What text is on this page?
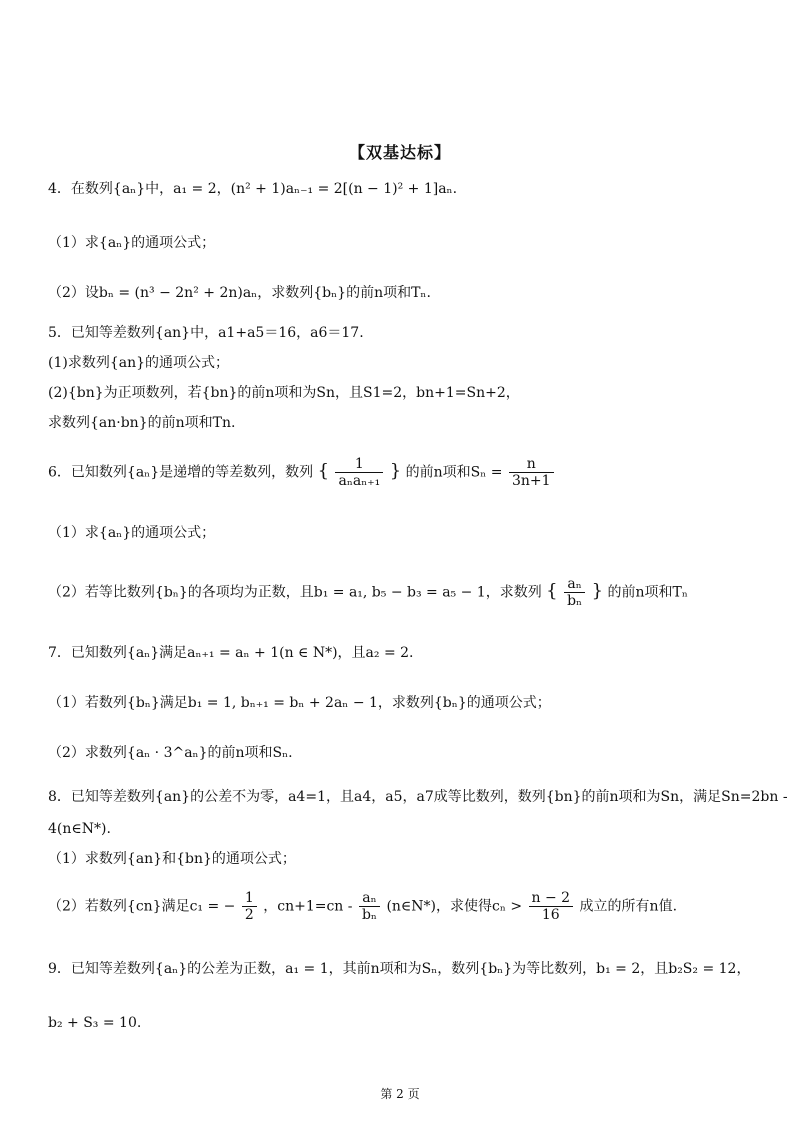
【双基达标】
4．在数列{aₙ}中，a₁ = 2，(n² + 1)aₙ₋₁ = 2[(n − 1)² + 1]aₙ.
（1）求{aₙ}的通项公式；
（2）设bₙ = (n³ − 2n² + 2n)aₙ，求数列{bₙ}的前n项和Tₙ.
5．已知等差数列{an}中，a1+a5＝16，a6＝17.
(1)求数列{an}的通项公式；
(2){bn}为正项数列，若{bn}的前n项和为Sn，且S1=2，bn+1=Sn+2，
求数列{an·bn}的前n项和Tn.
6．已知数列{aₙ}是递增的等差数列，数列 { $\frac{1}{\text{aₙaₙ₊₁}}$ } 的前n项和$S_n = \frac{n}{3n+1}$
（1）求{aₙ}的通项公式；
（2）若等比数列{bₙ}的各项均为正数，且b₁ = a₁, b₅ − b₃ = a₅ − 1，求数列 { $\frac{\text{aₙ}}{\text{bₙ}}$ } 的前n项和Tₙ
7．已知数列{aₙ}满足aₙ₊₁ = aₙ + 1(n ∈ N*)，且a₂ = 2.
（1）若数列{bₙ}满足b₁ = 1, bₙ₊₁ = bₙ + 2aₙ − 1，求数列{bₙ}的通项公式；
（2）求数列{aₙ · 3^aₙ}的前n项和Sₙ.
8．已知等差数列{an}的公差不为零，a4=1，且a4，a5，a7成等比数列，数列{bn}的前n项和为Sn，满足Sn=2bn -
4(n∈N*).
（1）求数列{an}和{bn}的通项公式；
（2）若数列{cn}满足c₁ = − $\frac{1}{2}$ ，$cn+1=cn - \frac{\text{aₙ}}{\text{bₙ}}$ (n∈N*)，求使得$c_n > \frac{n - 2}{16}$ 成立的所有n值.
9．已知等差数列{aₙ}的公差为正数，a₁ = 1，其前n项和为Sₙ，数列{bₙ}为等比数列，b₁ = 2，且b₂S₂ = 12，
b₂ + S₃ = 10.
第 2 页
